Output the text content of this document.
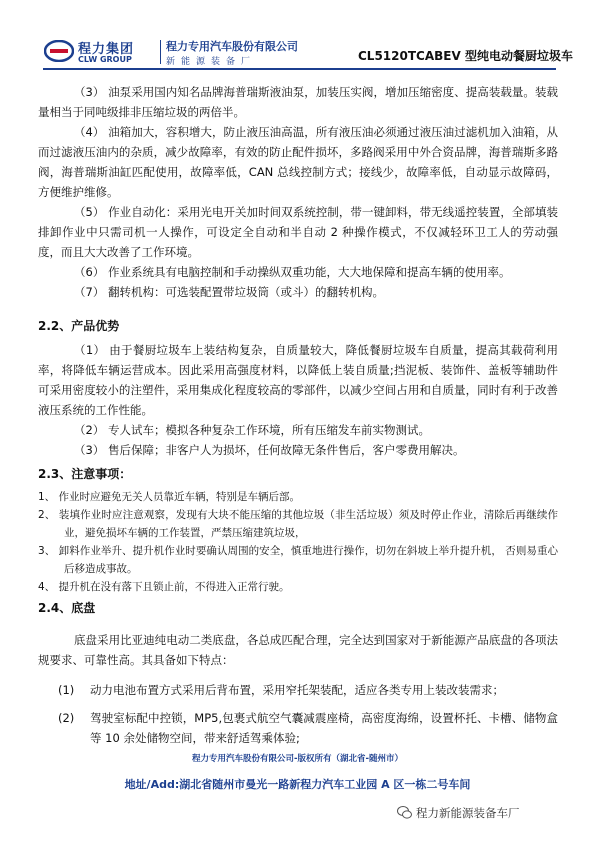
程力集团
CLW GROUP
程力专用汽车股份有限公司
新能源装备厂	CL5120TCABEV 型纯电动餐厨垃圾车

（3） 油泵采用国内知名品牌海普瑞斯液油泵，加装压实阀，增加压缩密度、提高装载量。装载量相当于同吨级排非压缩垃圾的两倍半。

（4） 油箱加大，容积增大，防止液压油高温，所有液压油必须通过液压油过滤机加入油箱，从而过滤液压油内的杂质，减少故障率，有效的防止配件损坏，多路阀采用中外合资品牌，海普瑞斯多路阀，海普瑞斯油缸匹配使用，故障率低，CAN 总线控制方式；接线少，故障率低，自动显示故障码，方便维护维修。

（5） 作业自动化：采用光电开关加时间双系统控制，带一键卸料，带无线遥控装置，全部填装排卸作业中只需司机一人操作，可设定全自动和半自动 2 种操作模式，不仅减轻环卫工人的劳动强度，而且大大改善了工作环境。

（6） 作业系统具有电脑控制和手动操纵双重功能，大大地保障和提高车辆的使用率。

（7） 翻转机构：可选装配置带垃圾筒（或斗）的翻转机构。

2.2、产品优势

（1） 由于餐厨垃圾车上装结构复杂，自质量较大，降低餐厨垃圾车自质量，提高其载荷利用率，将降低车辆运营成本。因此采用高强度材料，以降低上装自质量;挡泥板、装饰件、盖板等辅助件可采用密度较小的注塑件，采用集成化程度较高的零部件，以减少空间占用和自质量，同时有利于改善液压系统的工作性能。

（2） 专人试车；模拟各种复杂工作环境，所有压缩发车前实物测试。

（3） 售后保障；非客户人为损坏，任何故障无条件售后，客户零费用解决。

2.3、注意事项：

1、 作业时应避免无关人员靠近车辆，特别是车辆后部。

2、 装填作业时应注意观察，发现有大块不能压缩的其他垃圾（非生活垃圾）须及时停止作业，清除后再继续作业，避免损坏车辆的工作装置，严禁压缩建筑垃圾，

3、 卸料作业举升、提升机作业时要确认周围的安全，慎重地进行操作，切勿在斜坡上举升提升机， 否则易重心后移造成事故。

4、 提升机在没有落下且锁止前，不得进入正常行驶。

2.4、底盘

底盘采用比亚迪纯电动二类底盘，各总成匹配合理，完全达到国家对于新能源产品底盘的各项法规要求、可靠性高。其具备如下特点：

(1) 动力电池布置方式采用后背布置，采用窄托架装配，适应各类专用上装改装需求；

(2) 驾驶室标配中控锁，MP5,包裹式航空气囊减震座椅，高密度海绵，设置杯托、卡槽、储物盒等 10 余处储物空间，带来舒适驾乘体验;

程力专用汽车股份有限公司-版权所有（湖北省-随州市）
地址/Add:湖北省随州市曼光一路新程力汽车工业园 A 区一栋二号车间
程力新能源装备车厂
